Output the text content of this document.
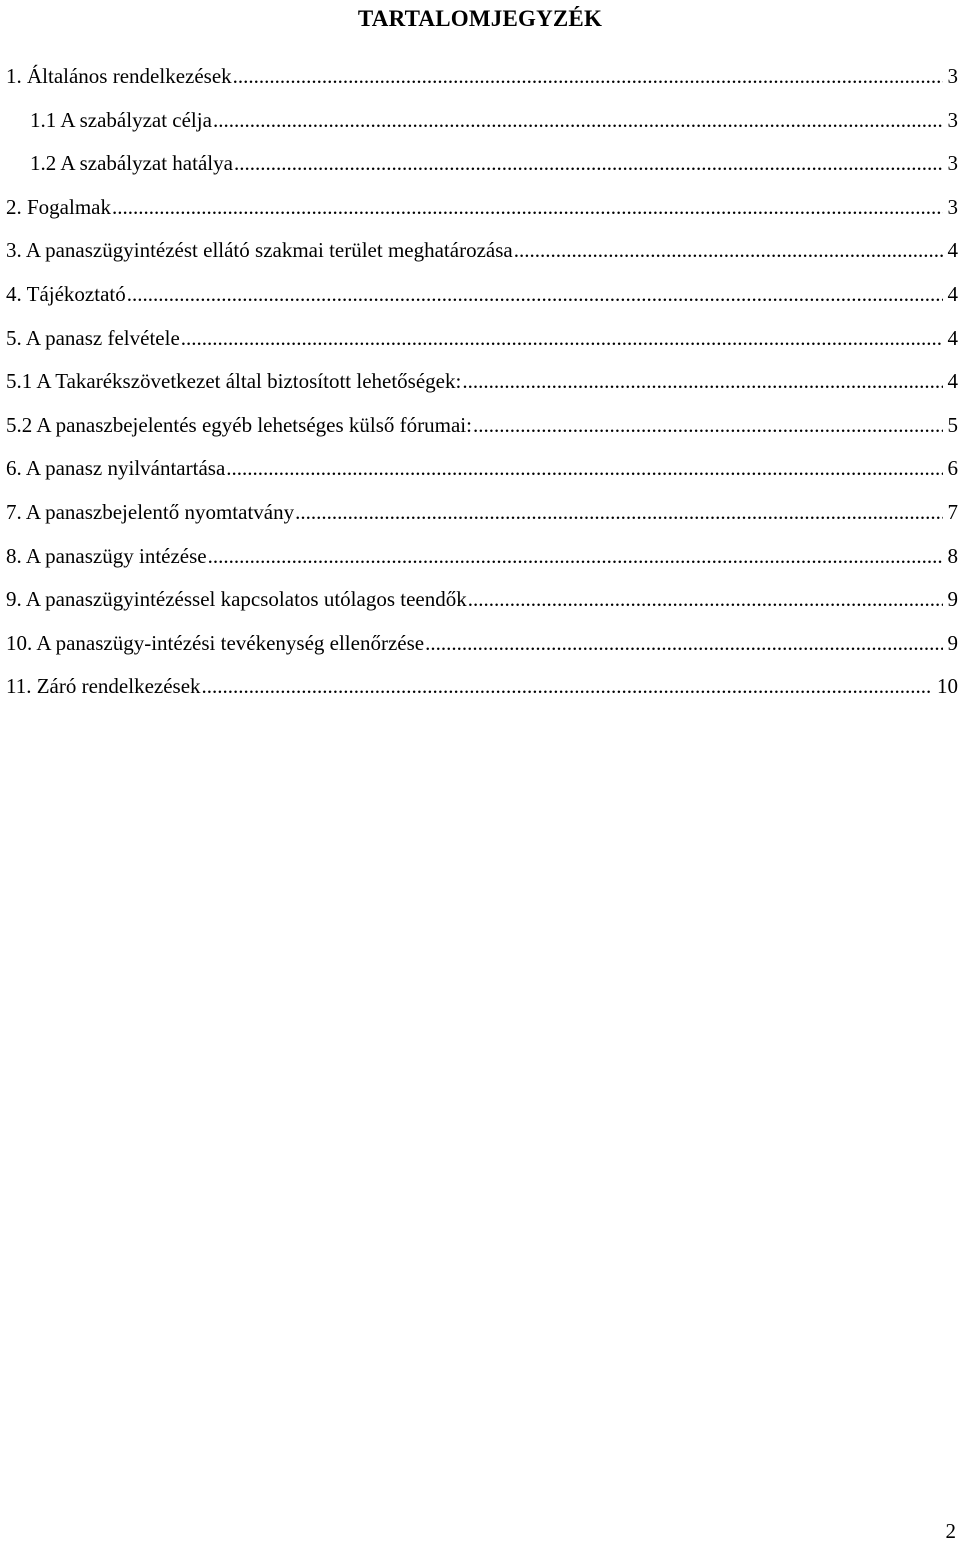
TARTALOMJEGYZÉK
1. Általános rendelkezések .....	3
1.1 A szabályzat célja .....	3
1.2 A szabályzat hatálya .....	3
2. Fogalmak .....	3
3. A panaszügyintézést ellátó szakmai terület meghatározása .....	4
4. Tájékoztató .....	4
5. A panasz felvétele .....	4
5.1 A Takarékszövetkezet által biztosított lehetőségek: .....	4
5.2 A panaszbejelentés egyéb lehetséges külső fórumai: .....	5
6. A panasz nyilvántartása .....	6
7. A panaszbejelentő nyomtatvány .....	7
8. A panaszügy intézése .....	8
9. A panaszügyintézéssel kapcsolatos utólagos teendők .....	9
10. A panaszügy-intézési tevékenység ellenőrzése .....	9
11. Záró rendelkezések .....	10
2
